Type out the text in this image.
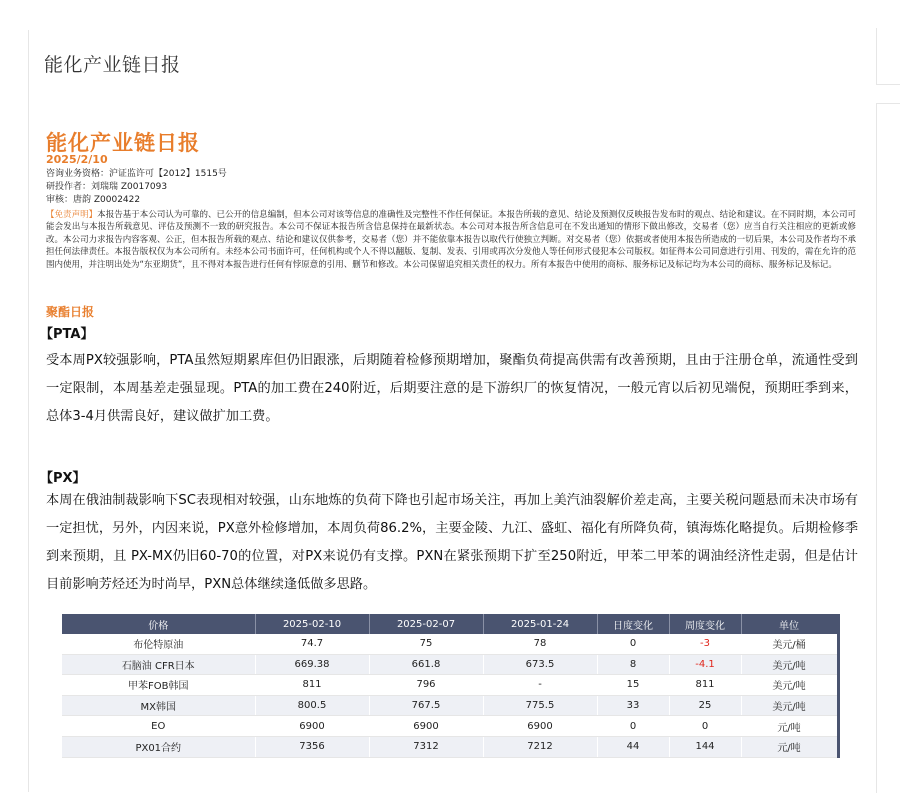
能化产业链日报
能化产业链日报
2025/2/10
咨询业务资格：沪证监许可【2012】1515号
研投作者：刘瑞瑞 Z0017093
审核：唐韵 Z0002422
【免责声明】本报告基于本公司认为可靠的、已公开的信息编制，但本公司对该等信息的准确性及完整性不作任何保证。本报告所载的意见、结论及预测仅反映报告发布时的观点、结论和建议。在不同时期，本公司可能会发出与本报告所载意见、评估及预测不一致的研究报告。本公司不保证本报告所含信息保持在最新状态。本公司对本报告所含信息可在不发出通知的情形下做出修改，交易者（您）应当自行关注相应的更新或修改。本公司力求报告内容客观、公正，但本报告所载的观点、结论和建议仅供参考，交易者（您）并不能依靠本报告以取代行使独立判断。对交易者（您）依据或者使用本报告所造成的一切后果，本公司及作者均不承担任何法律责任。本报告版权仅为本公司所有。未经本公司书面许可，任何机构或个人不得以翻版、复制、发表、引用或再次分发他人等任何形式侵犯本公司版权。如征得本公司同意进行引用、刊发的，需在允许的范围内使用，并注明出处为“东亚期货”，且不得对本报告进行任何有悖原意的引用、删节和修改。本公司保留追究相关责任的权力。所有本报告中使用的商标、服务标记及标记均为本公司的商标、服务标记及标记。
聚酯日报
【PTA】
受本周PX较强影响，PTA虽然短期累库但仍旧跟涨，后期随着检修预期增加，聚酯负荷提高供需有改善预期，且由于注册仓单，流通性受到一定限制，本周基差走强显现。PTA的加工费在240附近，后期要注意的是下游织厂的恢复情况，一般元宵以后初见端倪，预期旺季到来，总体3-4月供需良好，建议做扩加工费。
【PX】
本周在俄油制裁影响下SC表现相对较强，山东地炼的负荷下降也引起市场关注，再加上美汽油裂解价差走高，主要关税问题悬而未决市场有一定担忧，另外，内因来说，PX意外检修增加，本周负荷86.2%，主要金陵、九江、盛虹、福化有所降负荷，镇海炼化略提负。后期检修季到来预期，且 PX-MX仍旧60-70的位置，对PX来说仍有支撑。PXN在紧张预期下扩至250附近，甲苯二甲苯的调油经济性走弱，但是估计目前影响芳烃还为时尚早，PXN总体继续逢低做多思路。
价格	2025-02-10	2025-02-07	2025-01-24	日度变化	周度变化	单位
布伦特原油	74.7	75	78	0	-3	美元/桶
石脑油 CFR日本	669.38	661.8	673.5	8	-4.1	美元/吨
甲苯FOB韩国	811	796	-	15	811	美元/吨
MX韩国	800.5	767.5	775.5	33	25	美元/吨
EO	6900	6900	6900	0	0	元/吨
PX01合约	7356	7312	7212	44	144	元/吨
